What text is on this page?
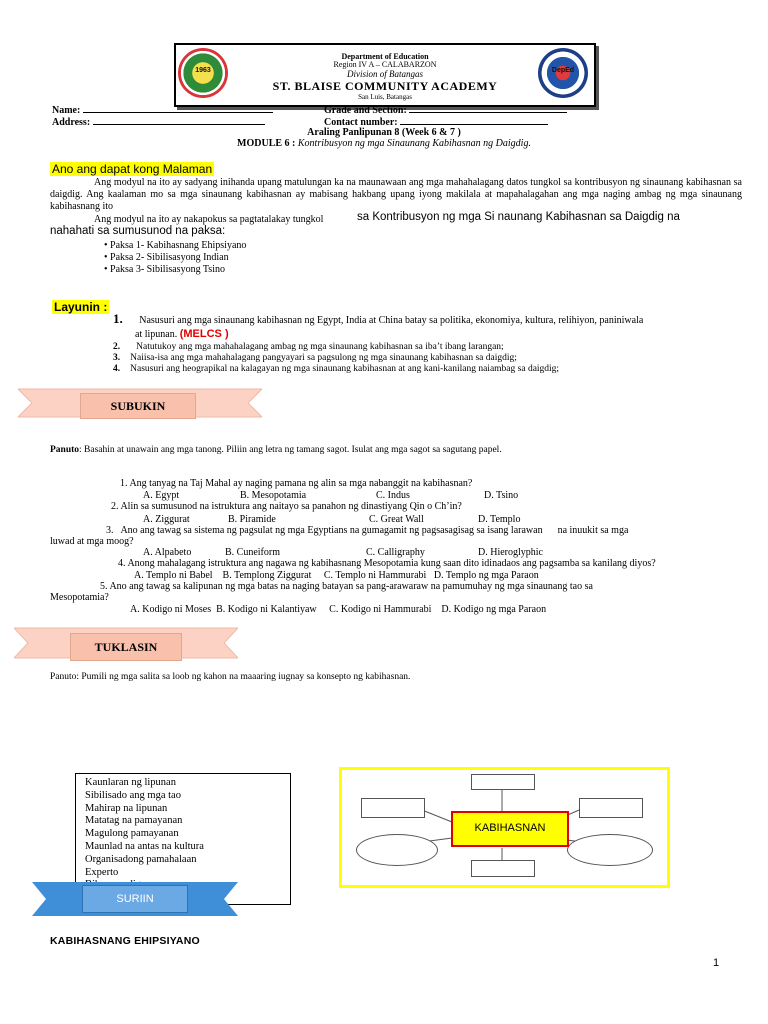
1963	DepEd
Department of Education
Region IV A – CALABARZON
Division of Batangas
ST. BLAISE COMMUNITY ACADEMY
San Luis, Batangas
Name:
Address:
Grade and Section:
Contact number:
Araling Panlipunan 8 (Week 6 & 7 )
MODULE 6 : Kontribusyon ng mga Sinaunang Kabihasnan ng Daigdig.
Ano ang dapat kong Malaman
Ang modyul na ito ay sadyang inihanda upang matulungan ka na maunawaan ang mga mahahalagang datos tungkol sa kontribusyon ng sinaunang kabihasnan sa daigdig. Ang kaalaman mo sa mga sinaunang kabihasnan ay mabisang hakbang upang iyong makilala at mapahalagahan ang mga naging ambag ng mga sinaunang kabihasnang ito
Ang modyul na ito ay nakapokus sa pagtatalakay tungkol	sa Kontribusyon ng mga Si naunang Kabihasnan sa Daigdig na
nahahati sa sumusunod na paksa:
• Paksa 1- Kabihasnang Ehipsiyano
• Paksa 2- Sibilisasyong Indian
• Paksa 3- Sibilisasyong Tsino
Layunin :
1. Nasusuri ang mga sinaunang kabihasnan ng Egypt, India at China batay sa politika, ekonomiya, kultura, relihiyon, paniniwala
at lipunan. (MELCS )
2. Natutukoy ang mga mahahalagang ambag ng mga sinaunang kabihasnan sa iba’t ibang larangan;
3. Naiisa-isa ang mga mahahalagang pangyayari sa pagsulong ng mga sinaunang kabihasnan sa daigdig;
4. Nasusuri ang heograpikal na kalagayan ng mga sinaunang kabihasnan at ang kani-kanilang naiambag sa daigdig;
SUBUKIN
Panuto: Basahin at unawain ang mga tanong. Piliin ang letra ng tamang sagot. Isulat ang mga sagot sa sagutang papel.
1. Ang tanyag na Taj Mahal ay naging pamana ng alin sa mga nabanggit na kabihasnan?
A. Egypt	B. Mesopotamia	C. Indus	D. Tsino
2. Alin sa sumusunod na istruktura ang naitayo sa panahon ng dinastiyang Qin o Ch’in?
A. Ziggurat	B. Piramide	C. Great Wall	D. Templo
3.   Ano ang tawag sa sistema ng pagsulat ng mga Egyptians na gumagamit ng pagsasagisag sa isang larawan      na inuukit sa mga
luwad at mga moog?
A. Alpabeto	B. Cuneiform	C. Calligraphy	D. Hieroglyphic
4. Anong mahalagang istruktura ang nagawa ng kabihasnang Mesopotamia kung saan dito idinadaos ang pagsamba sa kanilang diyos?
A. Templo ni Babel    B. Templong Ziggurat     C. Templo ni Hammurabi   D. Templo ng mga Paraon
5. Ano ang tawag sa kalipunan ng mga batas na naging batayan sa pang-arawaraw na pamumuhay ng mga sinaunang tao sa
Mesopotamia?
A. Kodigo ni Moses  B. Kodigo ni Kalantiyaw     C. Kodigo ni Hammurabi    D. Kodigo ng mga Paraon
TUKLASIN
Panuto: Pumili ng mga salita sa loob ng kahon na maaaring iugnay sa konsepto ng kabihasnan.
Kaunlaran ng lipunan
Sibilisado ang mga tao
Mahirap na lipunan
Matatag na pamayanan
Magulong pamayanan
Maunlad na antas na kultura
Organisadong pamahalaan
Experto
SURIIN
KABIHASNAN
KABIHASNANG EHIPSIYANO
1
